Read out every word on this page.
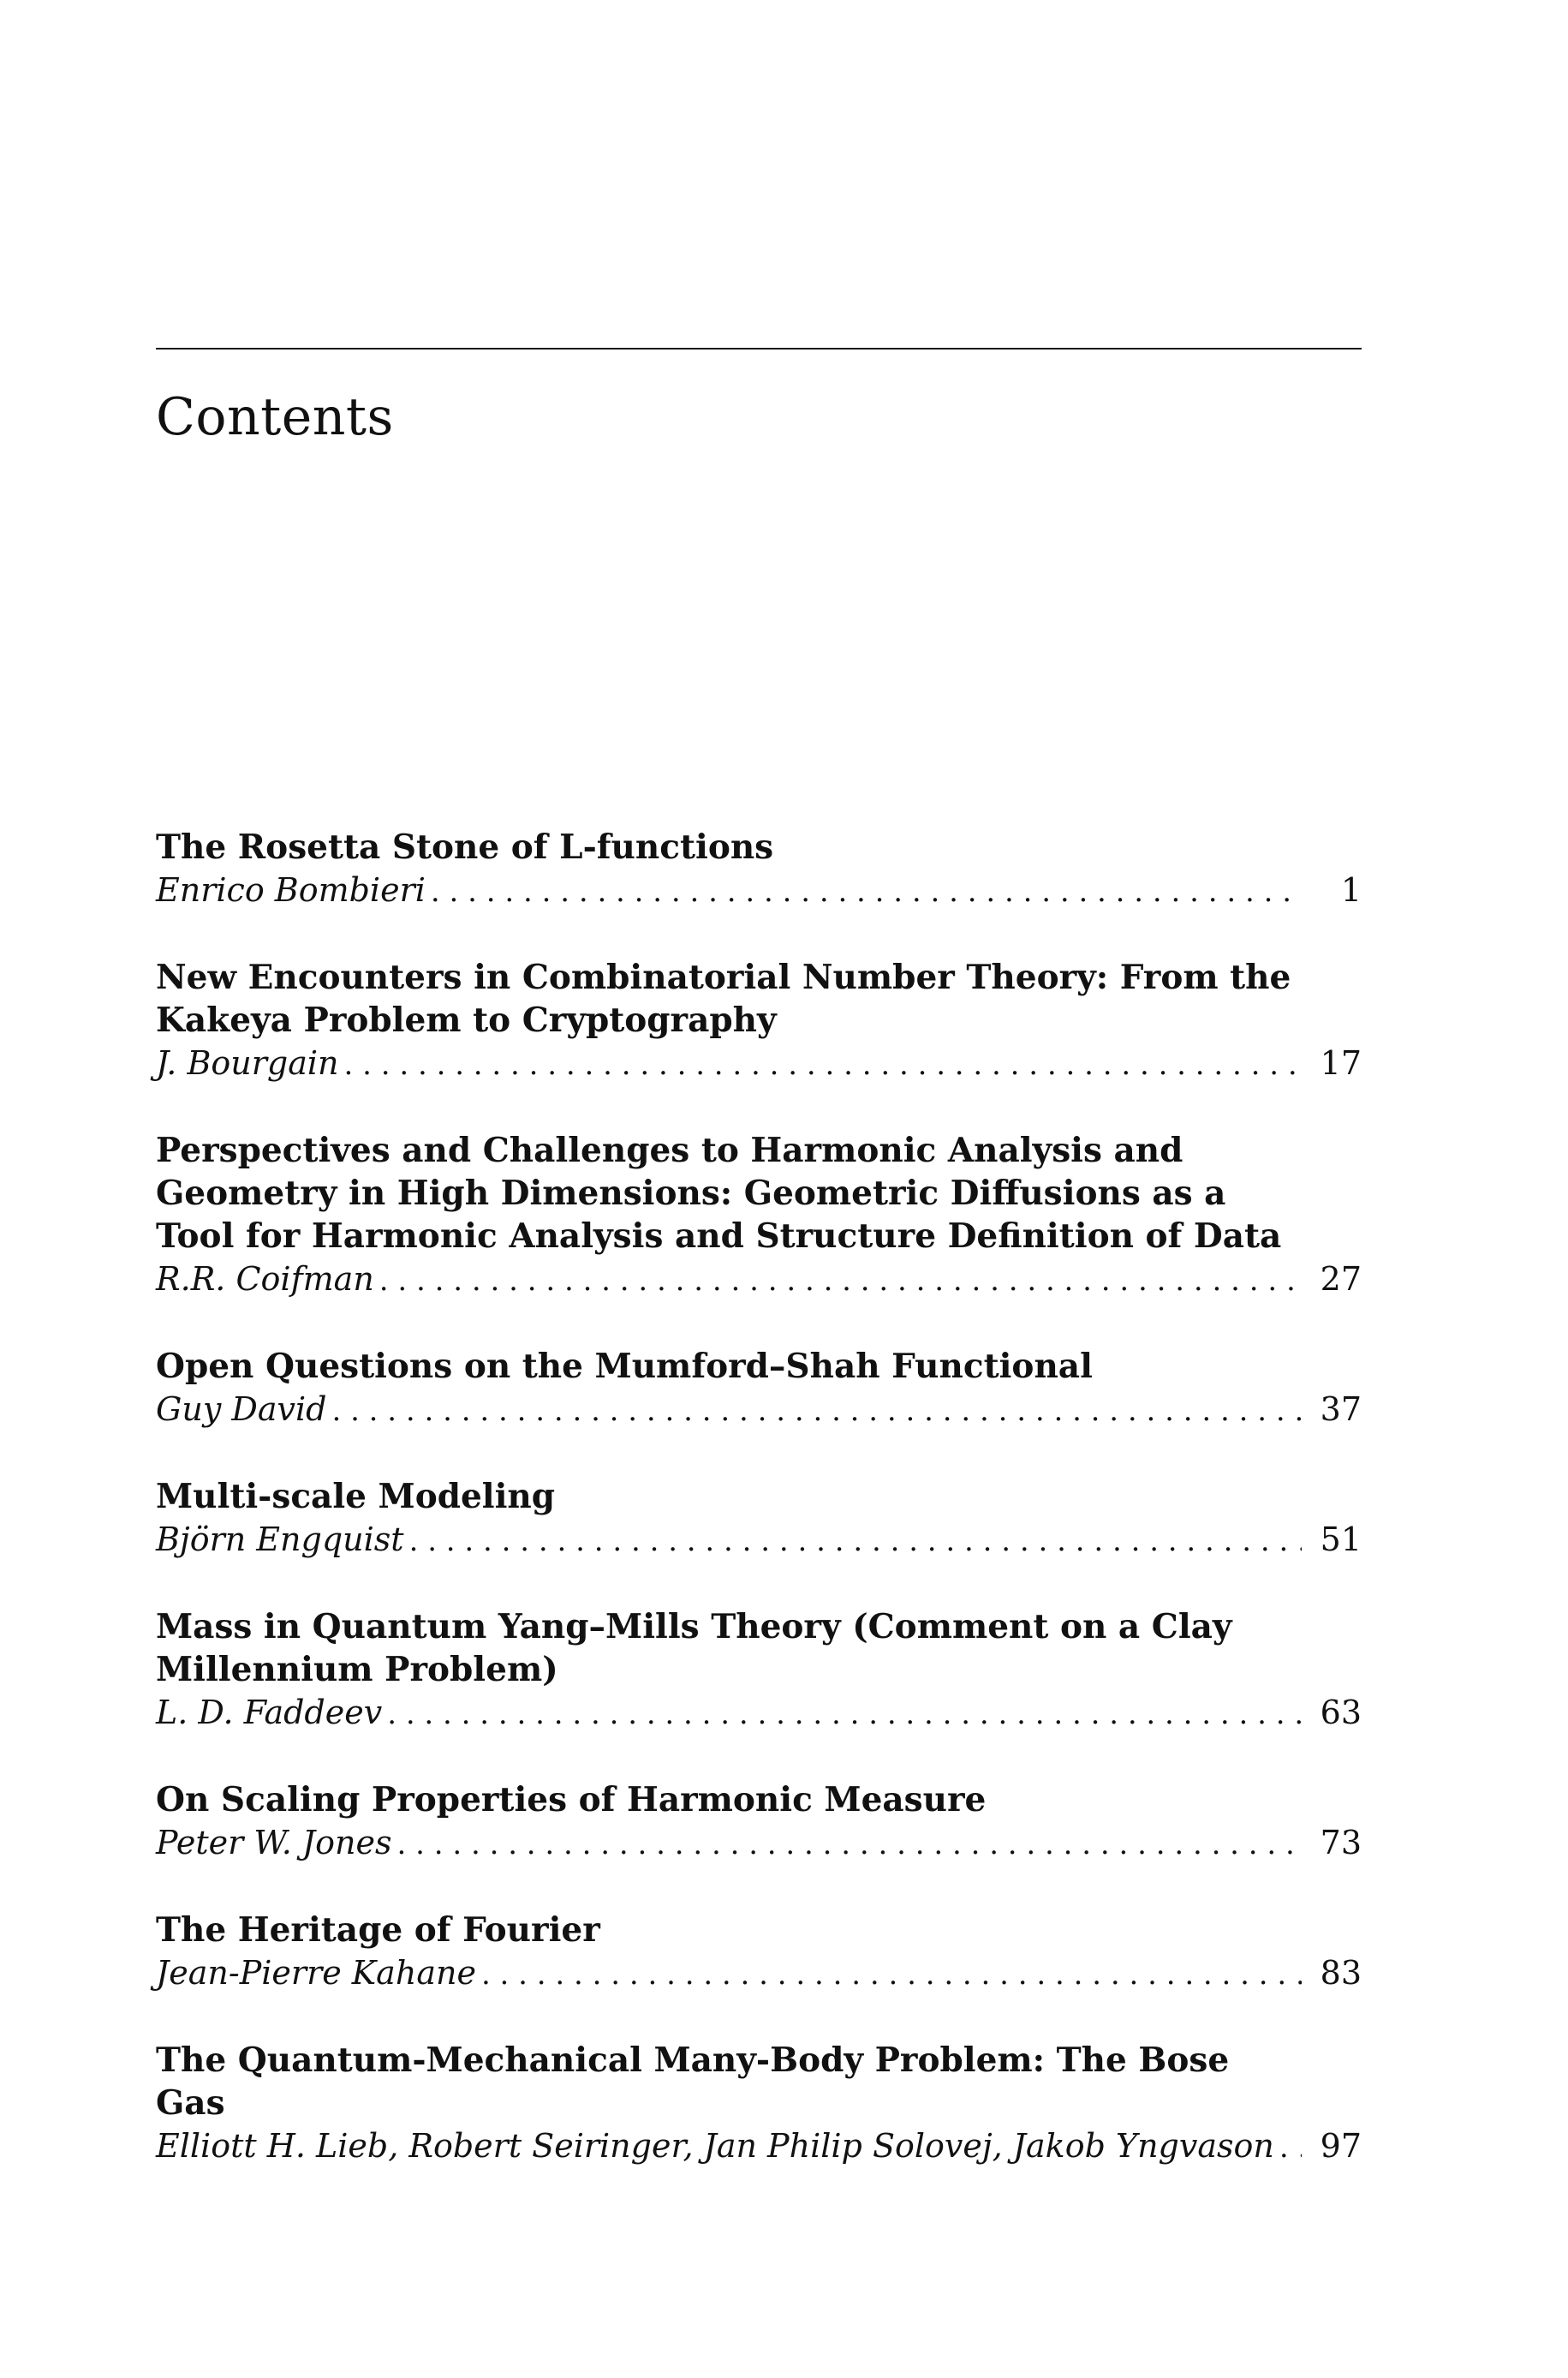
Contents
The Rosetta Stone of L-functions
Enrico Bombieri . . .	1
New Encounters in Combinatorial Number Theory: From the
Kakeya Problem to Cryptography
J. Bourgain . . .	17
Perspectives and Challenges to Harmonic Analysis and
Geometry in High Dimensions: Geometric Diffusions as a
Tool for Harmonic Analysis and Structure Definition of Data
R.R. Coifman . . .	27
Open Questions on the Mumford–Shah Functional
Guy David . . .	37
Multi-scale Modeling
Björn Engquist . . .	51
Mass in Quantum Yang–Mills Theory (Comment on a Clay
Millennium Problem)
L. D. Faddeev . . .	63
On Scaling Properties of Harmonic Measure
Peter W. Jones . . .	73
The Heritage of Fourier
Jean-Pierre Kahane . . .	83
The Quantum-Mechanical Many-Body Problem: The Bose
Gas
Elliott H. Lieb, Robert Seiringer, Jan Philip Solovej, Jakob Yngvason . . .	97
